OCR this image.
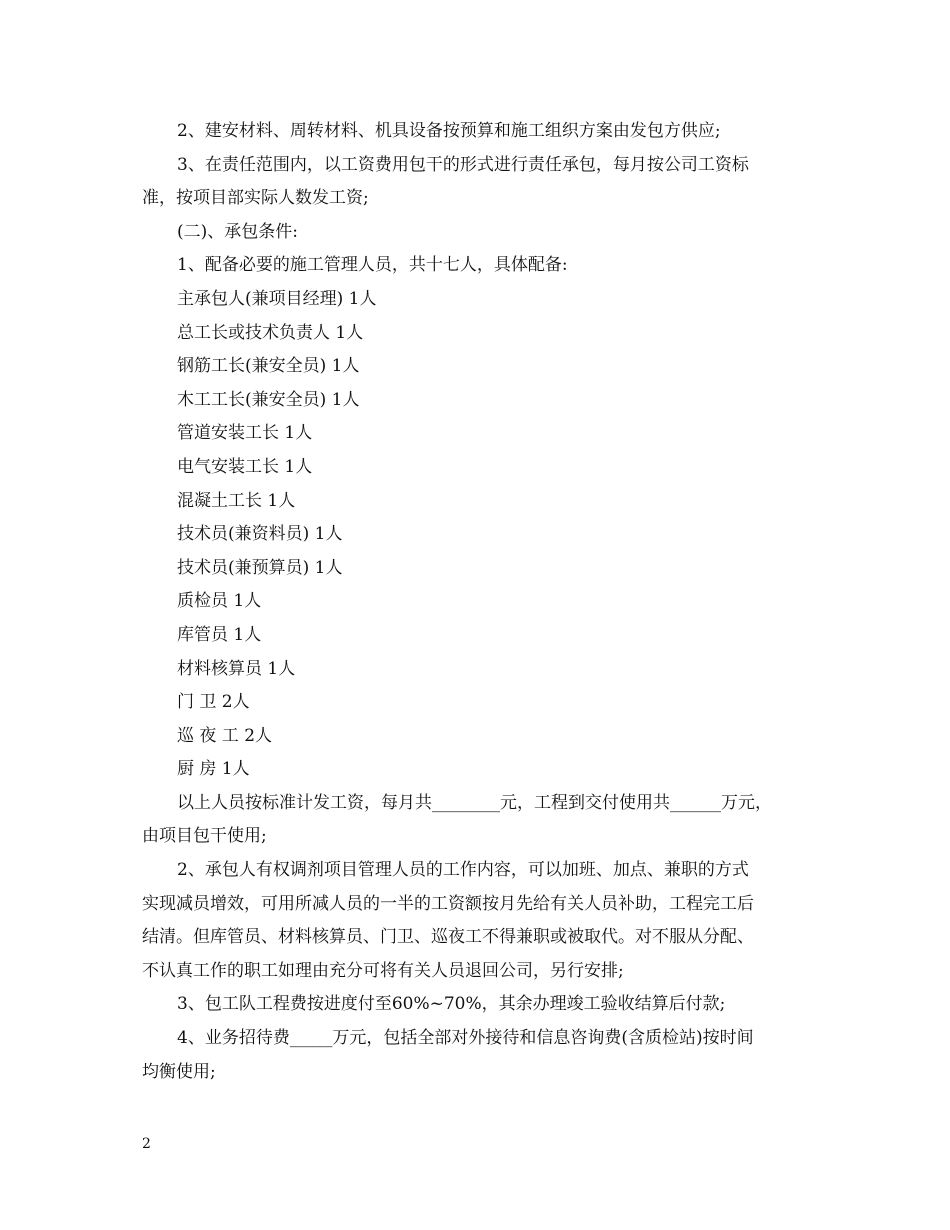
2、建安材料、周转材料、机具设备按预算和施工组织方案由发包方供应;

3、在责任范围内，以工资费用包干的形式进行责任承包，每月按公司工资标

准，按项目部实际人数发工资;

(二)、承包条件:

1、配备必要的施工管理人员，共十七人，具体配备:

主承包人(兼项目经理) 1人

总工长或技术负责人 1人

钢筋工长(兼安全员) 1人

木工工长(兼安全员) 1人

管道安装工长 1人

电气安装工长 1人

混凝土工长 1人

技术员(兼资料员) 1人

技术员(兼预算员) 1人

质检员 1人

库管员 1人

材料核算员 1人

门 卫 2人

巡 夜 工 2人

厨 房 1人

以上人员按标准计发工资，每月共________元，工程到交付使用共______万元，

由项目包干使用;

2、承包人有权调剂项目管理人员的工作内容，可以加班、加点、兼职的方式

实现减员增效，可用所减人员的一半的工资额按月先给有关人员补助，工程完工后

结清。但库管员、材料核算员、门卫、巡夜工不得兼职或被取代。对不服从分配、

不认真工作的职工如理由充分可将有关人员退回公司，另行安排;

3、包工队工程费按进度付至60%~70%，其余办理竣工验收结算后付款;

4、业务招待费_____万元，包括全部对外接待和信息咨询费(含质检站)按时间

均衡使用;

2
